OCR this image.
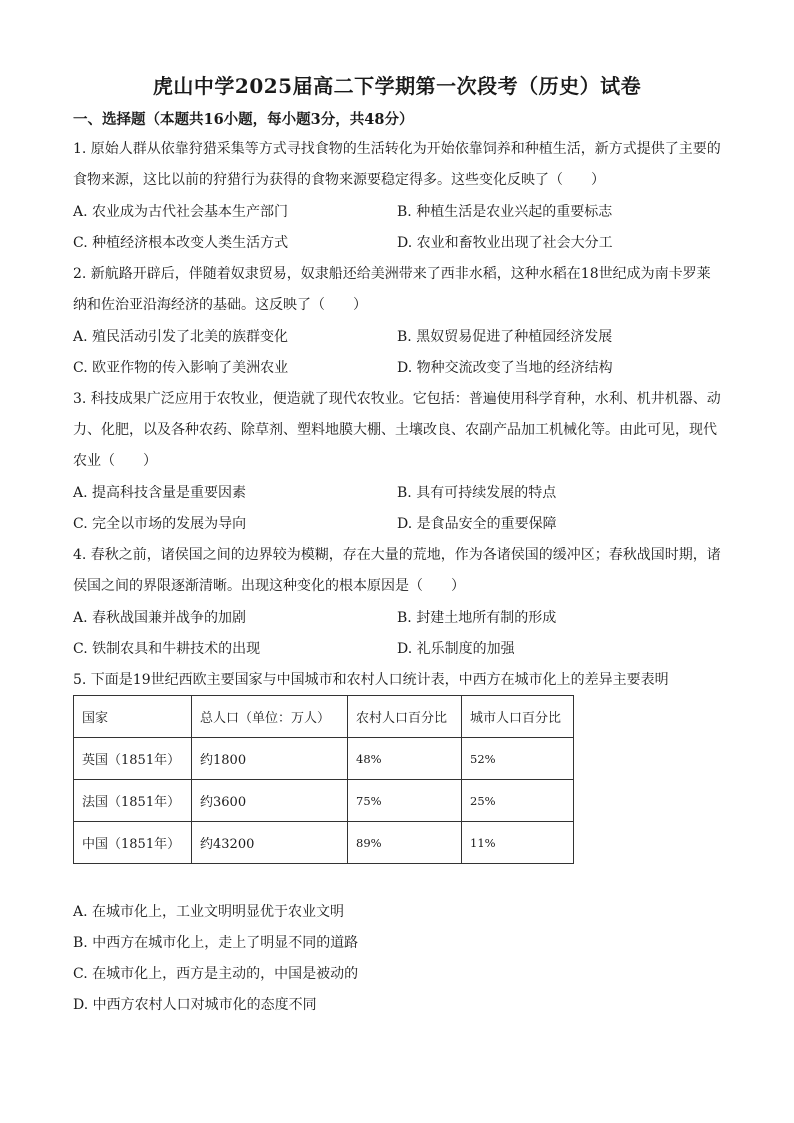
虎山中学2025届高二下学期第一次段考（历史）试卷
一、选择题（本题共16小题，每小题3分，共48分）
1. 原始人群从依靠狩猎采集等方式寻找食物的生活转化为开始依靠饲养和种植生活，新方式提供了主要的
食物来源，这比以前的狩猎行为获得的食物来源要稳定得多。这些变化反映了（　　）
A. 农业成为古代社会基本生产部门	B. 种植生活是农业兴起的重要标志
C. 种植经济根本改变人类生活方式	D. 农业和畜牧业出现了社会大分工
2. 新航路开辟后，伴随着奴隶贸易，奴隶船还给美洲带来了西非水稻，这种水稻在18世纪成为南卡罗莱
纳和佐治亚沿海经济的基础。这反映了（　　）
A. 殖民活动引发了北美的族群变化	B. 黑奴贸易促进了种植园经济发展
C. 欧亚作物的传入影响了美洲农业	D. 物种交流改变了当地的经济结构
3. 科技成果广泛应用于农牧业，便造就了现代农牧业。它包括：普遍使用科学育种，水利、机井机器、动
力、化肥，以及各种农药、除草剂、塑料地膜大棚、土壤改良、农副产品加工机械化等。由此可见，现代
农业（　　）
A. 提高科技含量是重要因素	B. 具有可持续发展的特点
C. 完全以市场的发展为导向	D. 是食品安全的重要保障
4. 春秋之前，诸侯国之间的边界较为模糊，存在大量的荒地，作为各诸侯国的缓冲区；春秋战国时期，诸
侯国之间的界限逐渐清晰。出现这种变化的根本原因是（　　）
A. 春秋战国兼并战争的加剧	B. 封建土地所有制的形成
C. 铁制农具和牛耕技术的出现	D. 礼乐制度的加强
5. 下面是19世纪西欧主要国家与中国城市和农村人口统计表，中西方在城市化上的差异主要表明
国家	总人口（单位：万人）	农村人口百分比	城市人口百分比
英国（1851年）	约1800	48%	52%
法国（1851年）	约3600	75%	25%
中国（1851年）	约43200	89%	11%
A. 在城市化上，工业文明明显优于农业文明
B. 中西方在城市化上，走上了明显不同的道路
C. 在城市化上，西方是主动的，中国是被动的
D. 中西方农村人口对城市化的态度不同
